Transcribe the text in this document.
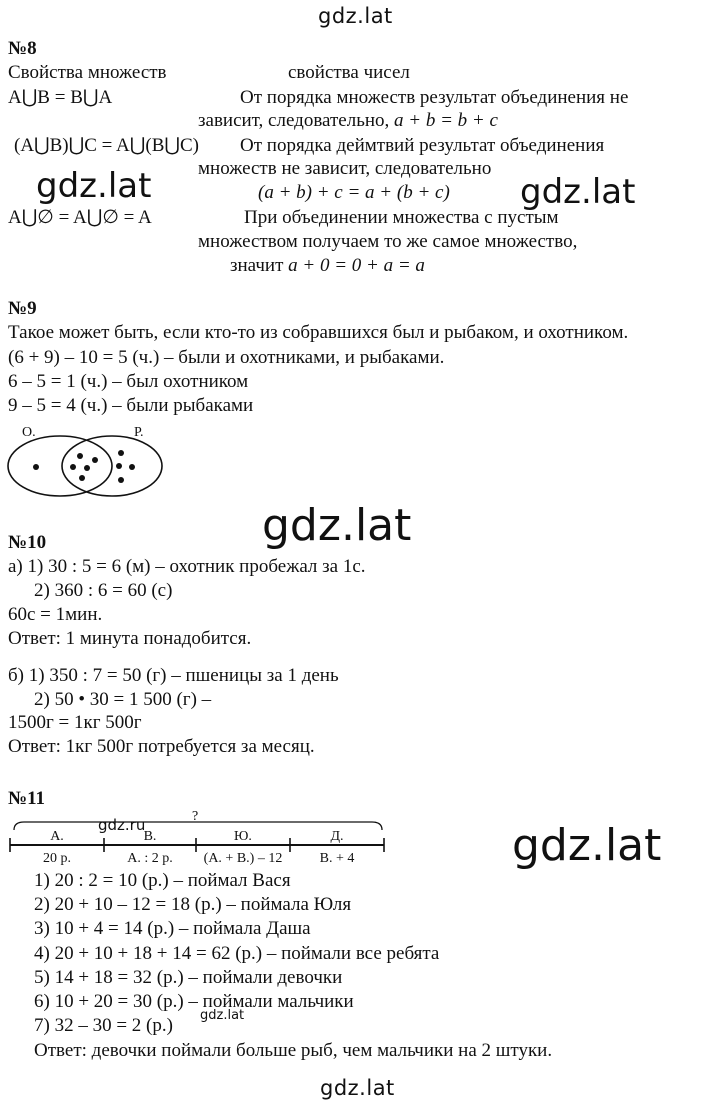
gdz.lat
gdz.lat	gdz.lat
gdz.lat
gdz.lat
gdz.ru
gdz.lat
gdz.lat
№8
Свойства множеств	свойства чисел
A⋃B = B⋃A	От порядка множеств результат объединения не
зависит, следовательно, a + b = b + c
(A⋃B)⋃C = A⋃(B⋃C) От порядка деймтвий результат объединения
множеств не зависит, следовательно
(a + b) + c = a + (b + c)
A⋃∅ = A⋃∅ = A	При объединении множества с пустым
множеством получаем то же самое множество,
значит a + 0 = 0 + a = a
№9
Такое может быть, если кто-то из собравшихся был и рыбаком, и охотником.
(6 + 9) – 10 = 5 (ч.) – были и охотниками, и рыбаками.
6 – 5 = 1 (ч.) – был охотником
9 – 5 = 4 (ч.) – были рыбаками
О.	Р.
№10
а) 1) 30 : 5 = 6 (м) – охотник пробежал за 1с.
2) 360 : 6 = 60 (с)
60с = 1мин.
Ответ: 1 минута понадобится.
б) 1) 350 : 7 = 50 (г) – пшеницы за 1 день
2) 50 • 30 = 1 500 (г) –
1500г = 1кг 500г
Ответ: 1кг 500г потребуется за месяц.
№11
?
А.	В.	Ю.	Д.
20 р.	А. : 2 р.	(А. + В.) – 12	В. + 4
1) 20 : 2 = 10 (р.) – поймал Вася
2) 20 + 10 – 12 = 18 (р.) – поймала Юля
3) 10 + 4 = 14 (р.) – поймала Даша
4) 20 + 10 + 18 + 14 = 62 (р.) – поймали все ребята
5) 14 + 18 = 32 (р.) – поймали девочки
6) 10 + 20 = 30 (р.) – поймали мальчики
7) 32 – 30 = 2 (р.)
Ответ: девочки поймали больше рыб, чем мальчики на 2 штуки.
